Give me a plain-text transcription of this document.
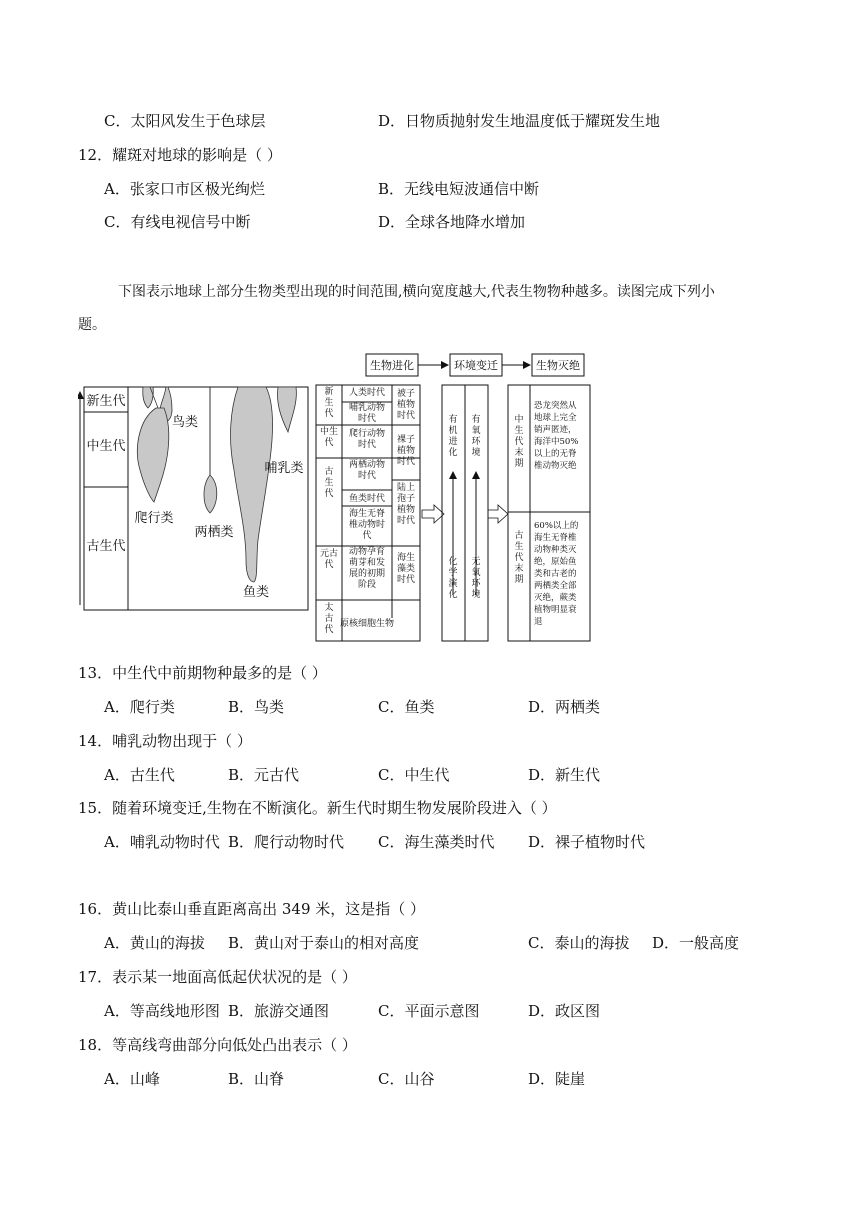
C．太阳风发生于色球层	D．日物质抛射发生地温度低于耀斑发生地
12．耀斑对地球的影响是（ ）
A．张家口市区极光绚烂	B．无线电短波通信中断
C．有线电视信号中断	D．全球各地降水增加
下图表示地球上部分生物类型出现的时间范围,横向宽度越大,代表生物物种越多。读图完成下列小
题。
新生代
中生代
古生代
鸟类
哺乳类
爬行类
两栖类
鱼类
生物进化	环境变迁	生物灭绝
新生代
中生代
古生代
元古代
太古代
人类时代
哺乳动物时代
爬行动物时代
两栖动物时代
鱼类时代
海生无脊椎动物时代
动物孕育萌芽和发展的初期阶段
原核细胞生物
被子植物时代
裸子植物时代
陆上孢子植物时代
海生藻类时代
有机进化
化学演化
有氧环境
无氧环境
中生代末期
古生代末期
恐龙突然从地球上完全销声匿迹，海洋中50%以上的无脊椎动物灭绝
60%以上的海生无脊椎动物种类灭绝，原始鱼类和古老的两栖类全部灭绝，蕨类植物明显衰退
13．中生代中前期物种最多的是（ ）
A．爬行类	B．鸟类	C．鱼类	D．两栖类
14．哺乳动物出现于（ ）
A．古生代	B．元古代	C．中生代	D．新生代
15．随着环境变迁,生物在不断演化。新生代时期生物发展阶段进入（ ）
A．哺乳动物时代 B．爬行动物时代 C．海生藻类时代 D．裸子植物时代
16．黄山比泰山垂直距离高出 349 米，这是指（ ）
A．黄山的海拔 B．黄山对于泰山的相对高度	C．泰山的海拔 D．一般高度
17．表示某一地面高低起伏状况的是（ ）
A．等高线地形图 B．旅游交通图	C．平面示意图	D．政区图
18．等高线弯曲部分向低处凸出表示（ ）
A．山峰	B．山脊	C．山谷	D．陡崖
